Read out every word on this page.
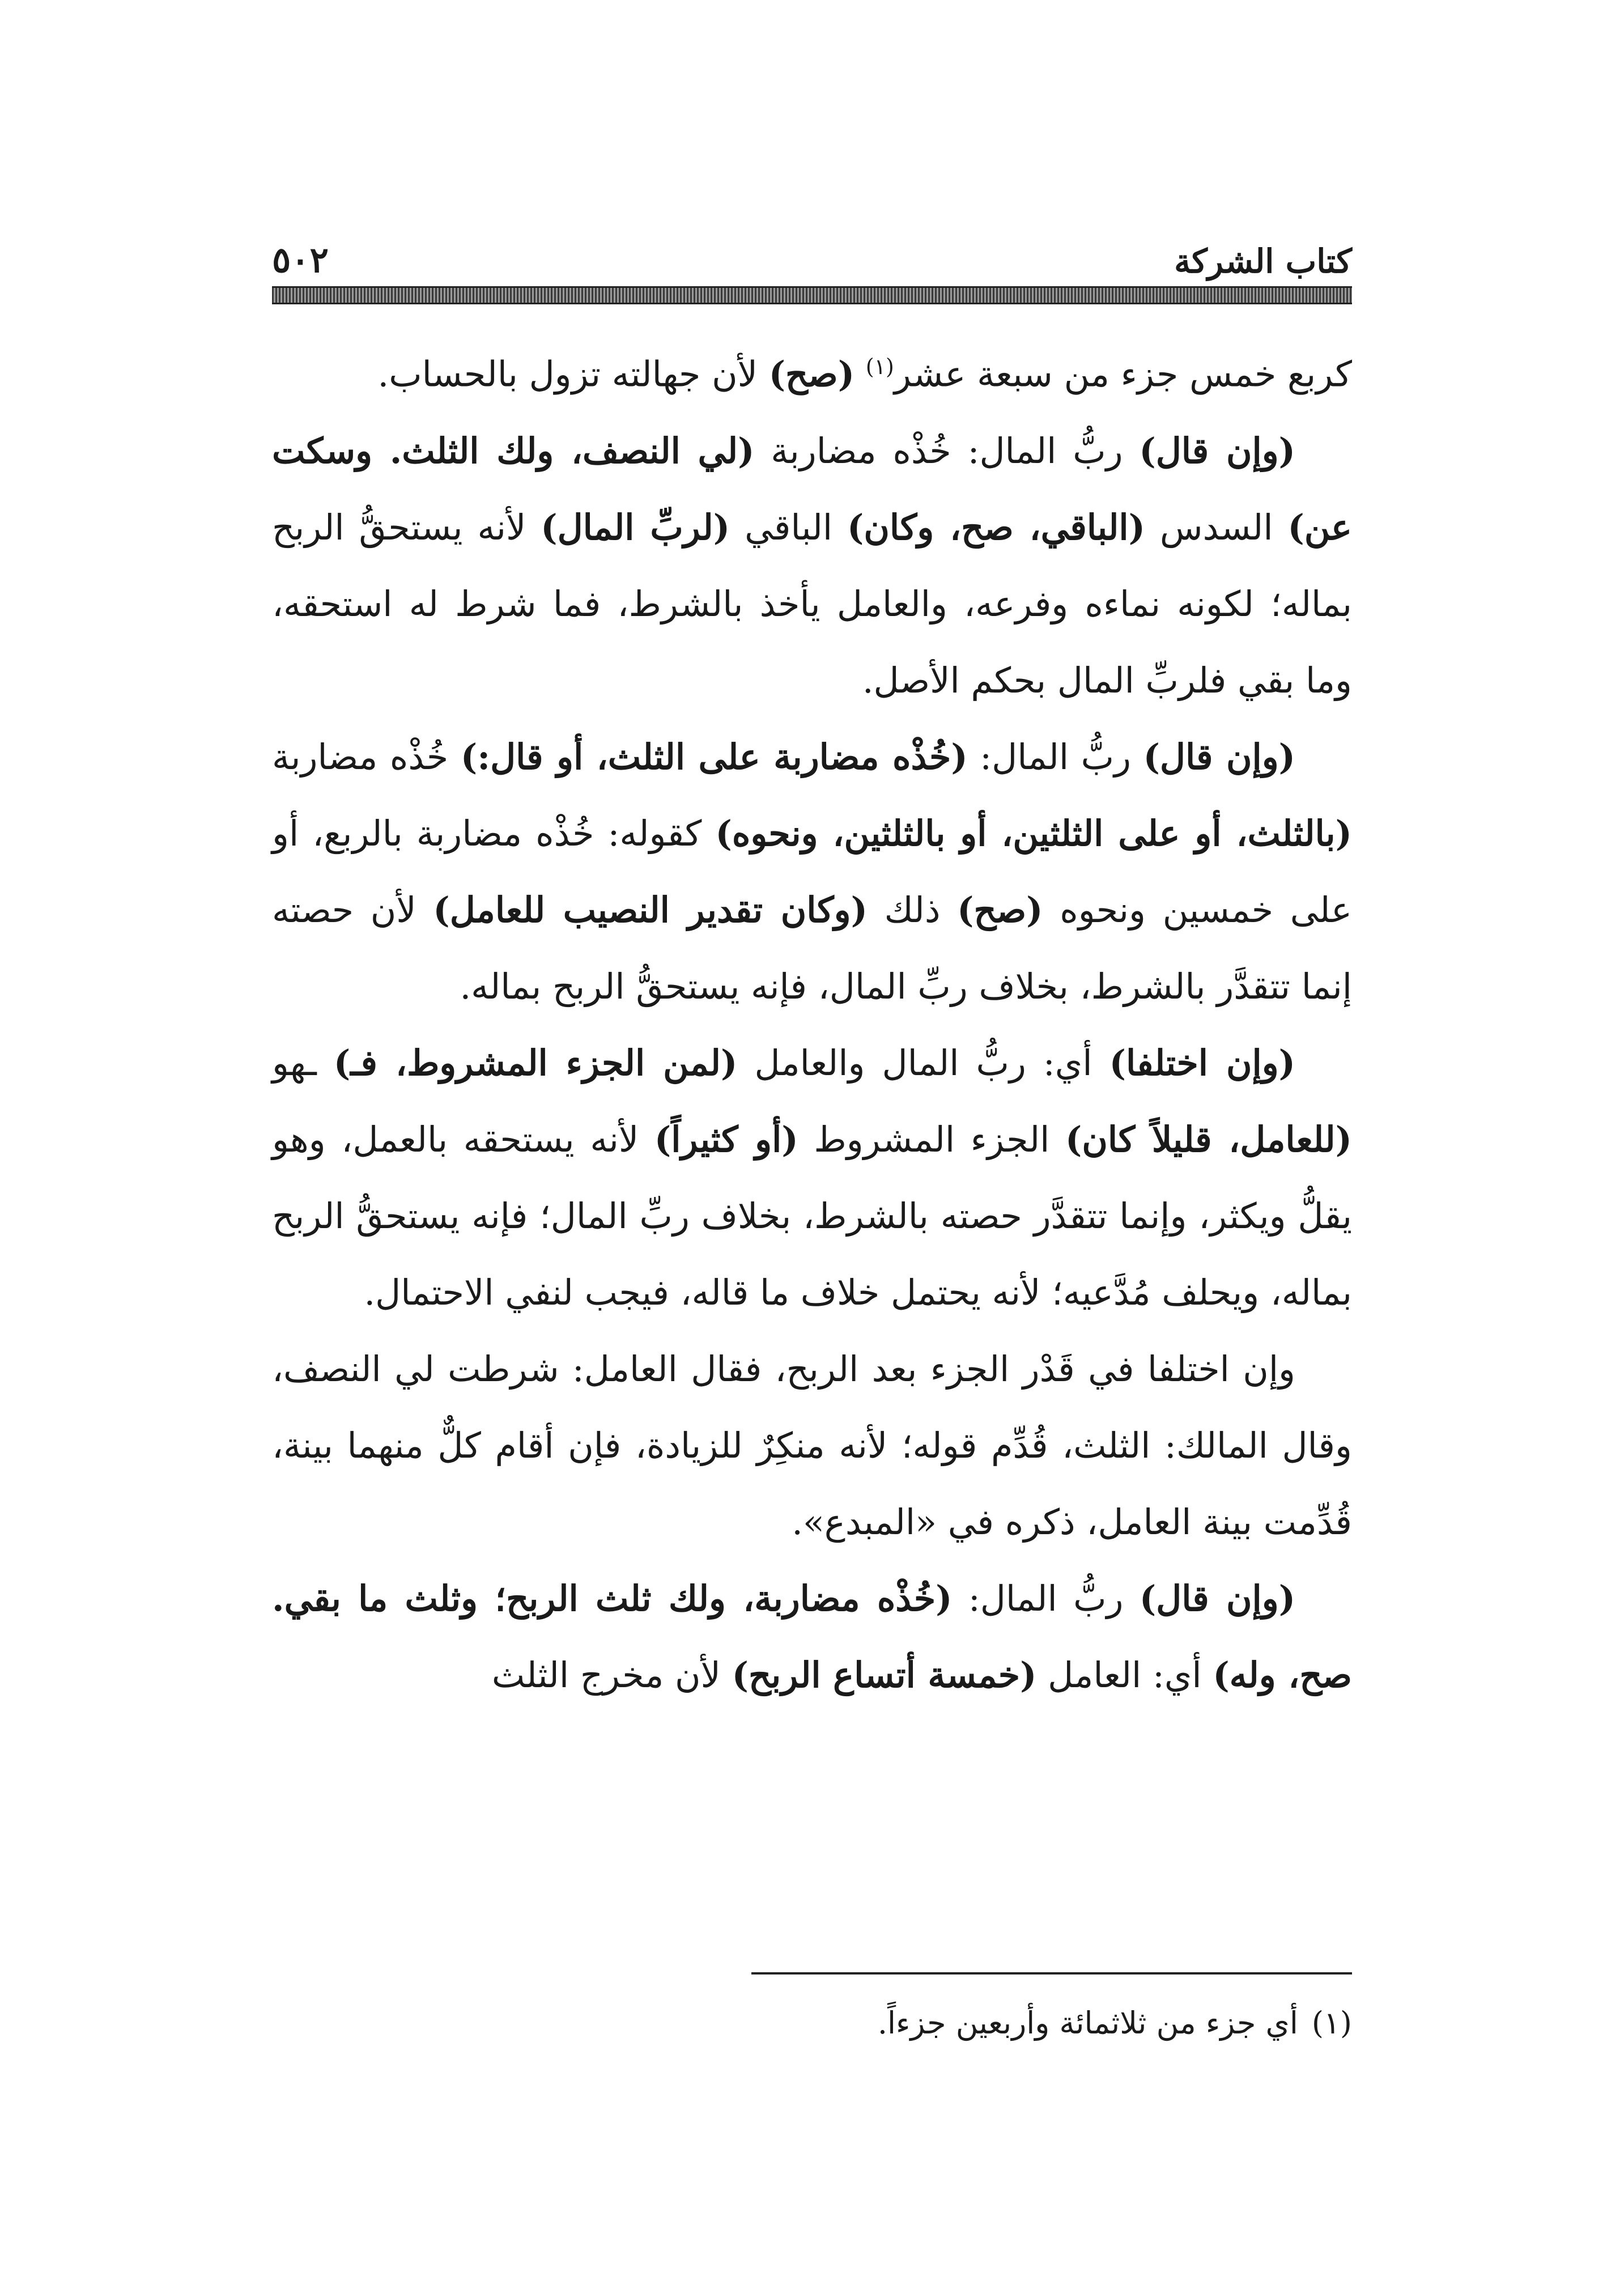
كتاب الشركة
٥٠٢

كربع خمس جزء من سبعة عشر$^{(١)}$ (صح) لأن جهالته تزول بالحساب.

(وإن قال) ربُّ المال: خُذْه مضاربة (لي النصف، ولك الثلث. وسكت عن) السدس (الباقي، صح، وكان) الباقي (لربِّ المال) لأنه يستحقُّ الربح بماله؛ لكونه نماءه وفرعه، والعامل يأخذ بالشرط، فما شرط له استحقه، وما بقي فلربِّ المال بحكم الأصل.

(وإن قال) ربُّ المال: (خُذْه مضاربة على الثلث، أو قال:) خُذْه مضاربة (بالثلث، أو على الثلثين، أو بالثلثين، ونحوه) كقوله: خُذْه مضاربة بالربع، أو على خمسين ونحوه (صح) ذلك (وكان تقدير النصيب للعامل) لأن حصته إنما تتقدَّر بالشرط، بخلاف ربِّ المال، فإنه يستحقُّ الربح بماله.

(وإن اختلفا) أي: ربُّ المال والعامل (لمن الجزء المشروط، فـ) ـهو (للعامل، قليلاً كان) الجزء المشروط (أو كثيراً) لأنه يستحقه بالعمل، وهو يقلُّ ويكثر، وإنما تتقدَّر حصته بالشرط، بخلاف ربِّ المال؛ فإنه يستحقُّ الربح بماله، ويحلف مُدَّعيه؛ لأنه يحتمل خلاف ما قاله، فيجب لنفي الاحتمال.

وإن اختلفا في قَدْر الجزء بعد الربح، فقال العامل: شرطت لي النصف، وقال المالك: الثلث، قُدِّم قوله؛ لأنه منكِرٌ للزيادة، فإن أقام كلٌّ منهما بينة، قُدِّمت بينة العامل، ذكره في «المبدع».

(وإن قال) ربُّ المال: (خُذْه مضاربة، ولك ثلث الربح؛ وثلث ما بقي. صح، وله) أي: العامل (خمسة أتساع الربح) لأن مخرج الثلث

(١)أي جزء من ثلاثمائة وأربعين جزءاً.
